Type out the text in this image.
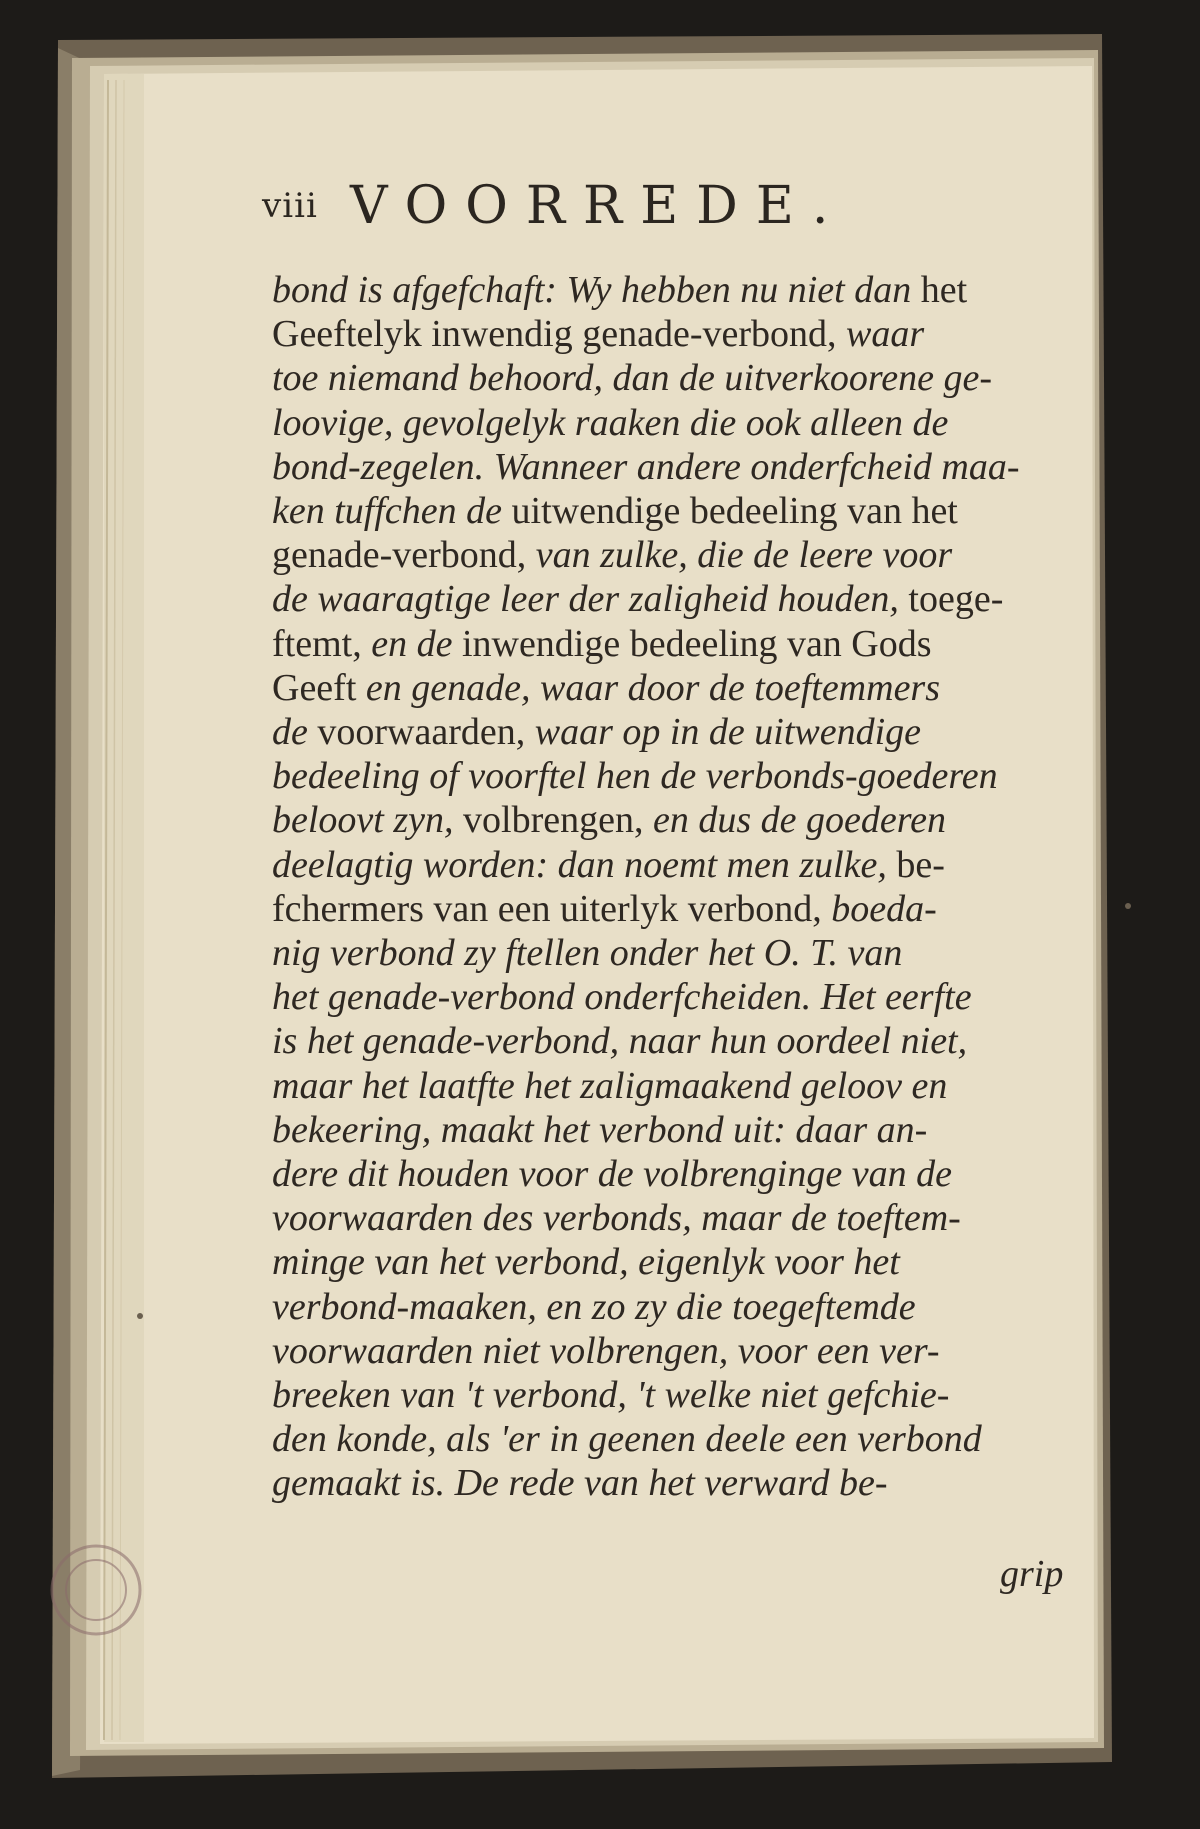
viii VOORREDE.
bond is afgefchaft: Wy hebben nu niet dan het
Geeftelyk inwendig genade-verbond, waar
toe niemand behoord, dan de uitverkoorene ge-
loovige, gevolgelyk raaken die ook alleen de
bond-zegelen. Wanneer andere onderfcheid maa-
ken tuffchen de uitwendige bedeeling van het
genade-verbond, van zulke, die de leere voor
de waaragtige leer der zaligheid houden, toege-
ftemt, en de inwendige bedeeling van Gods
Geeft en genade, waar door de toeftemmers
de voorwaarden, waar op in de uitwendige
bedeeling of voorftel hen de verbonds-goederen
beloovt zyn, volbrengen, en dus de goederen
deelagtig worden: dan noemt men zulke, be-
fchermers van een uiterlyk verbond, boeda-
nig verbond zy ftellen onder het O. T. van
het genade-verbond onderfcheiden. Het eerfte
is het genade-verbond, naar hun oordeel niet,
maar het laatfte het zaligmaakend geloov en
bekeering, maakt het verbond uit: daar an-
dere dit houden voor de volbrenginge van de
voorwaarden des verbonds, maar de toeftem-
minge van het verbond, eigenlyk voor het
verbond-maaken, en zo zy die toegeftemde
voorwaarden niet volbrengen, voor een ver-
breeken van 't verbond, 't welke niet gefchie-
den konde, als 'er in geenen deele een verbond
gemaakt is. De rede van het verward be-
grip
